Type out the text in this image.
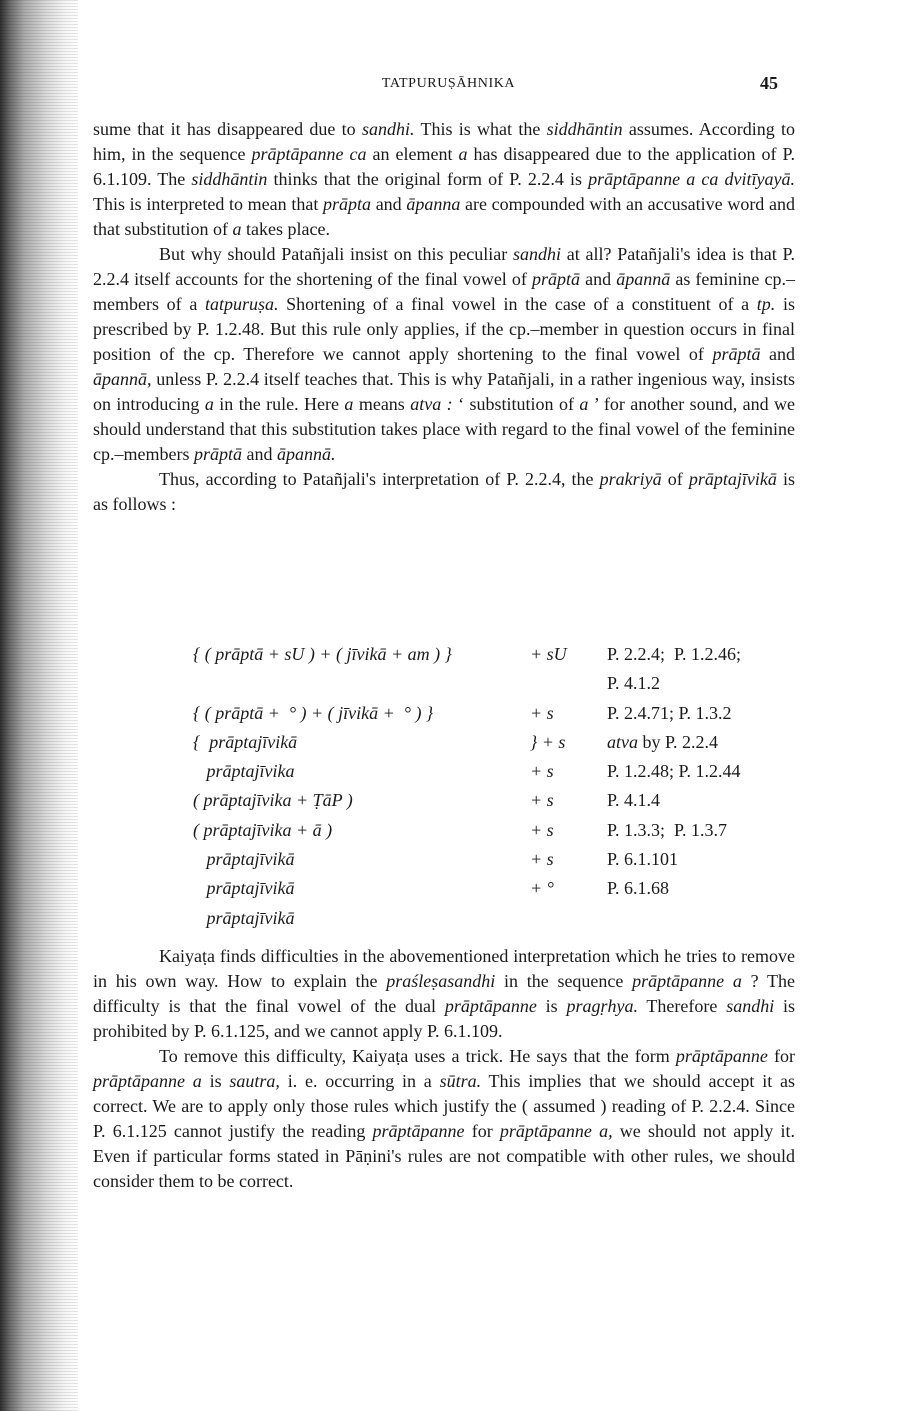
TATPURUṢĀHNIKA	45

sume that it has disappeared due to sandhi. This is what the siddhāntin assumes. According to him, in the sequence prāptāpanne ca an element a has disappeared due to the application of P. 6.1.109. The siddhāntin thinks that the original form of P. 2.2.4 is prāptāpanne a ca dvitīyayā. This is interpreted to mean that prāpta and āpanna are compounded with an accusative word and that substitution of a takes place.

But why should Patañjali insist on this peculiar sandhi at all? Patañjali's idea is that P. 2.2.4 itself accounts for the shortening of the final vowel of prāptā and āpannā as feminine cp.–members of a tatpuruṣa. Shortening of a final vowel in the case of a constituent of a tp. is prescribed by P. 1.2.48. But this rule only applies, if the cp.–member in question occurs in final position of the cp. Therefore we cannot apply shortening to the final vowel of prāptā and āpannā, unless P. 2.2.4 itself teaches that. This is why Patañjali, in a rather ingenious way, insists on introducing a in the rule. Here a means atva : ‘ substitution of a ’ for another sound, and we should understand that this substitution takes place with regard to the final vowel of the feminine cp.–members prāptā and āpannā.

Thus, according to Patañjali's interpretation of P. 2.2.4, the prakriyā of prāptajīvikā is as follows :

{ ( prāptā + sU ) + ( jīvikā + am ) }	+ sU	P. 2.2.4;  P. 1.2.46;
		P. 4.1.2
{ ( prāptā +  ° ) + ( jīvikā +  ° ) }	+ s	P. 2.4.71; P. 1.3.2
{  prāptajīvikā	} + s	atva by P. 2.2.4
prāptajīvika	+ s	P. 1.2.48; P. 1.2.44
( prāptajīvika + ṬāP )	+ s	P. 4.1.4
( prāptajīvika + ā )	+ s	P. 1.3.3;  P. 1.3.7
prāptajīvikā	+ s	P. 6.1.101
prāptajīvikā	+ °	P. 6.1.68
prāptajīvikā		

Kaiyaṭa finds difficulties in the abovementioned interpretation which he tries to remove in his own way. How to explain the praśleṣasandhi in the sequence prāptāpanne a ? The difficulty is that the final vowel of the dual prāptāpanne is pragṛhya. Therefore sandhi is prohibited by P. 6.1.125, and we cannot apply P. 6.1.109.

To remove this difficulty, Kaiyaṭa uses a trick. He says that the form prāptāpanne for prāptāpanne a is sautra, i. e. occurring in a sūtra. This implies that we should accept it as correct. We are to apply only those rules which justify the ( assumed ) reading of P. 2.2.4. Since P. 6.1.125 cannot justify the reading prāptāpanne for prāptāpanne a, we should not apply it. Even if particular forms stated in Pāṇini's rules are not compatible with other rules, we should consider them to be correct.
